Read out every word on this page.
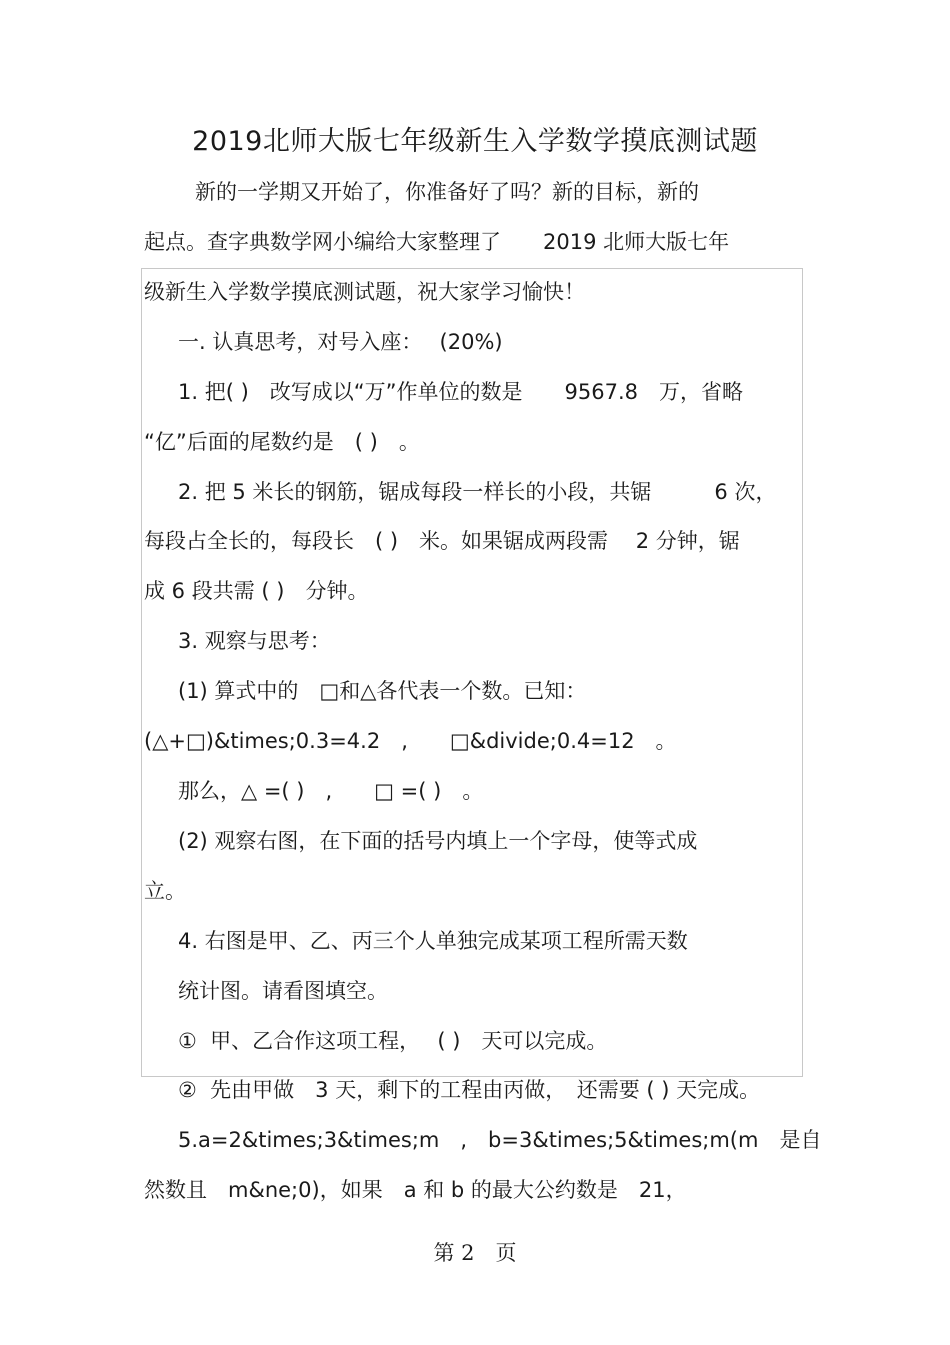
2019北师大版七年级新生入学数学摸底测试题
新的一学期又开始了，你准备好了吗？新的目标，新的
起点。查字典数学网小编给大家整理了　　2019 北师大版七年
级新生入学数学摸底测试题，祝大家学习愉快！
一. 认真思考，对号入座：　 (20%)
1. 把( )　改写成以“万”作单位的数是　　9567.8　万，省略
“亿”后面的尾数约是　( )　。
2. 把 5 米长的钢筋，锯成每段一样长的小段，共锯　　　6 次，
每段占全长的，每段长　( )　米。如果锯成两段需　 2 分钟，锯
成 6 段共需 ( )　分钟。
3. 观察与思考：
(1) 算式中的　□和△各代表一个数。已知：
(△+□)&times;0.3=4.2　,　　□&divide;0.4=12　。
那么，△ =( )　,　　□ =( )　。
(2) 观察右图，在下面的括号内填上一个字母，使等式成
立。
4. 右图是甲、乙、丙三个人单独完成某项工程所需天数
统计图。请看图填空。
①  甲、乙合作这项工程，　 ( )　天可以完成。
②  先由甲做　3 天，剩下的工程由丙做，　还需要 ( ) 天完成。
5.a=2&times;3&times;m　,　b=3&times;5&times;m(m　是自
然数且　m&ne;0)，如果　a 和 b 的最大公约数是　21，
第 2　页
